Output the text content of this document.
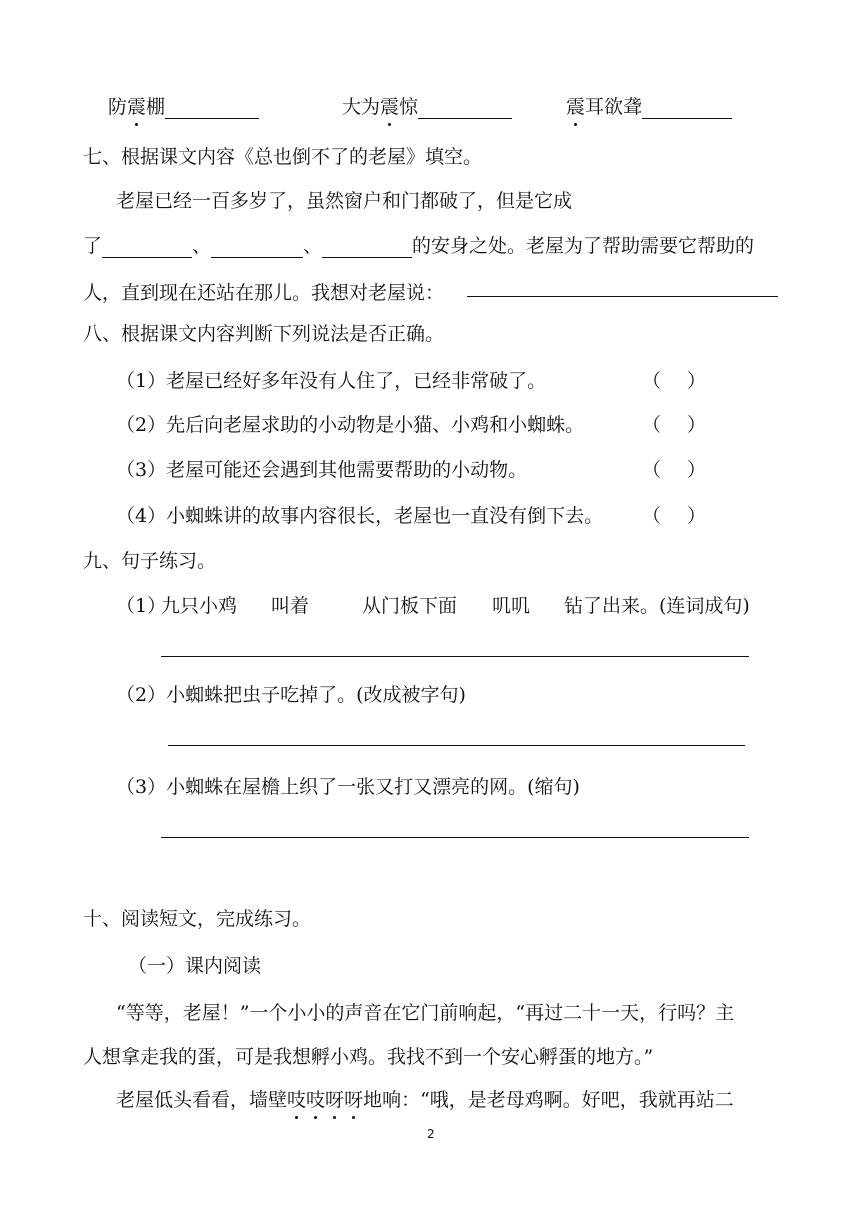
防震棚	大为震惊	震耳欲聋
七、根据课文内容《总也倒不了的老屋》填空。
老屋已经一百多岁了，虽然窗户和门都破了，但是它成
了	、	、	的安身之处。老屋为了帮助需要它帮助的
人，直到现在还站在那儿。我想对老屋说：
八、根据课文内容判断下列说法是否正确。
（1）老屋已经好多年没有人住了，已经非常破了。	（ ）
（2）先后向老屋求助的小动物是小猫、小鸡和小蜘蛛。	（ ）
（3）老屋可能还会遇到其他需要帮助的小动物。	（ ）
（4）小蜘蛛讲的故事内容很长，老屋也一直没有倒下去。 （ ）
九、句子练习。
（1）
九只小鸡 叫着	从门板下面 叽叽 钻了出来。(连词成句)
（2）小蜘蛛把虫子吃掉了。(改成被字句)
（3）小蜘蛛在屋檐上织了一张又打又漂亮的网。(缩句)
十、阅读短文，完成练习。
（一）课内阅读
“等等，老屋！”一个小小的声音在它门前响起，“再过二十一天，行吗？主
人想拿走我的蛋，可是我想孵小鸡。我找不到一个安心孵蛋的地方。”
老屋低头看看，墙壁吱吱呀呀地响：“哦，是老母鸡啊。好吧，我就再站二
2
